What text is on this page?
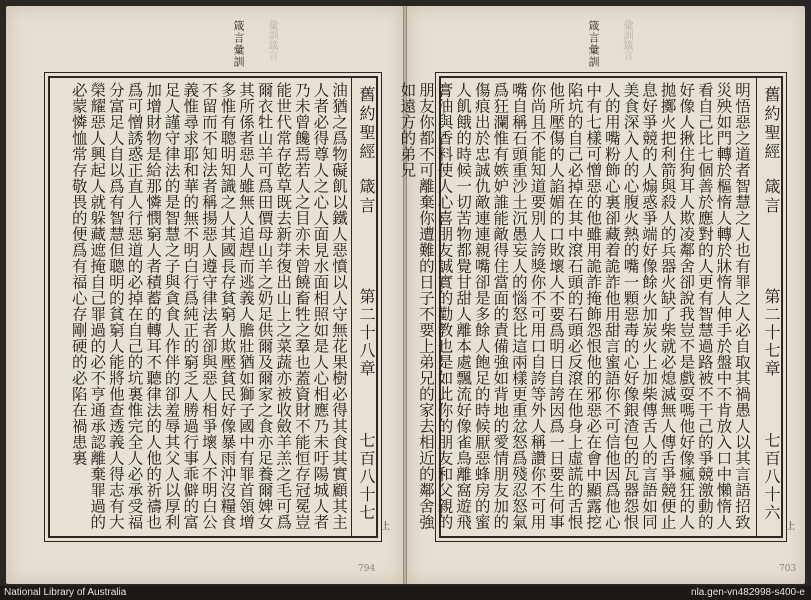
箴言彙訓 彙訓箴言
油猶之爲物礙飢以鐵人惡憤以人守無花果樹必得其食其實顧其主人者必得尊人之心人面見水面相照如是人心相應乃未吁陽城人者乃未曾饞焉若人之目亦未曾饒畜牲之羣也蓋資財不能恒存冠冕豈能世代常存乾草既去新芽復出山上之菜蔬亦被收斂羊羔之毛可爲爾衣牡山羊可爲田價母山羊之奶足供爾及爾家之食亦足養爾婢女其所係者惡人雖無人追趕而逃義人膽壯猶如獅子國中有罪首領增多惟有聰明知識之人其國長存貧窮人欺壓貧民好像暴雨沖沒糧食不留而不知法者稱揚惡人遵守律法者卻與惡人相爭壞人不明白公義惟尋求耶和華的無不明白行爲純正的窮乏人勝過行事乖僻的富足人謹守律法的是智慧之子與貪食人作伴的卻羞辱其父人以厚利加增財物是給那憐憫窮人者積蓄的轉耳不聽律法的人他的祈禱也爲可憎誘惑正直人行惡道的必掉在自己的坑裏惟完全人必承受福分富足人自以爲有智慧但聰明的貧窮人能將他查透義人得志有大榮耀惡人興起人就躲藏遮掩自己罪過的必不亨通承認離棄罪過的必蒙憐恤常存敬畏的便爲有福心存剛硬的必陷在禍患裏	舊約聖經
箴言
第二十八章
七百八十七
上
794
箴言彙訓 彙訓箴言
明悟惡之道者智慧之人也有罪之人必自取其禍愚人以其言語招致災殃如門轉於樞惰人轉於牀惰人伸手於盤中不肯放入口中懶惰人看自己比七個善於應對的人更有智慧過路被不干己的爭競激動的好像人揪住狗耳人欺凌鄰舍卻說我豈不是戲耍嗎他好像瘋狂的人拋擲火把利箭與殺人的兵器火缺了柴就必熄滅無人傳舌爭競便止息好爭競的人煽惑爭端好像餘火加炭火上加柴傳舌人的言語如同美食深入人的心腹火熱的嘴一顆惡毒的心好像銀渣包的瓦器怨恨人的用嘴粉飾心裏卻藏着詭詐他用甜言蜜語你不可信他因爲他心中有七樣可憎惡的他雖用詭詐掩飾怨恨他的邪惡必在會中顯露挖陷坑的自己必掉在其中滾石頭的石頭必反滾在他身上虛謊的舌恨他所壓傷的人諂媚的口敗壞人不要爲明日自誇因爲一日要生何事你尚且不能知道要別人誇獎你不可用口自誇等外人稱讚你不可用嘴自稱石頭重沙土沉愚妄人的惱怒比這兩樣更重忿怒爲殘忍怒氣爲狂瀾惟有嫉妒誰能敵得住當面的責備強如背地的愛情朋友加的傷痕出於忠誠仇敵連連親嘴卻是多餘人飽足的時候厭惡蜂房的蜜人飢餓的時候一切苦物都覺甘甜人離本處飄流好像雀鳥離窩遊飛膏油與香料使人心喜朋友誠實的勸教也是如此你的朋友和父親的朋友你都不可離棄你遭難的日子不要上弟兄的家去相近的鄰舍強如遠方的弟兄	舊約聖經
箴言
第二十七章
七百八十六
上
703
National Library of Australia	nla.gen-vn482998-s400-e
